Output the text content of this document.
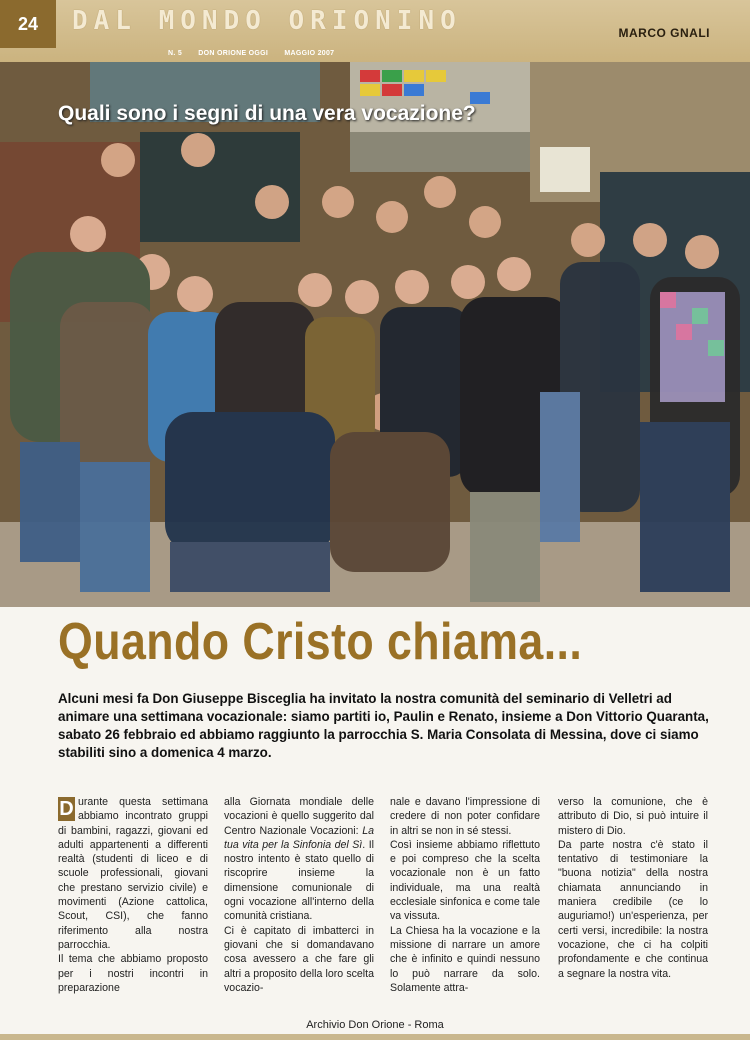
24	DAL MONDO ORIONINO	MARCO GNALI
N. 5 DON ORIONE OGGI MAGGIO 2007
Quali sono i segni di una vera vocazione?
Quando Cristo chiama...
Alcuni mesi fa Don Giuseppe Bisceglia ha invitato la nostra comunità del seminario di Velletri ad animare una settimana vocazionale: siamo partiti io, Paulin e Renato, insieme a Don Vittorio Quaranta, sabato 26 febbraio ed abbiamo raggiunto la parrocchia S. Maria Consolata di Messina, dove ci siamo stabiliti sino a domenica 4 marzo.

D urante questa settimana abbiamo incontrato gruppi di bambini, ragazzi, giovani ed adulti appartenenti a differenti realtà (studenti di liceo e di scuole professionali, giovani che prestano servizio civile) e movimenti (Azione cattolica, Scout, CSI), che fanno riferimento alla nostra parrocchia.

Il tema che abbiamo proposto per i nostri incontri in preparazione

alla Giornata mondiale delle vocazioni è quello suggerito dal Centro Nazionale Vocazioni: La tua vita per la Sinfonia del Sì. Il nostro intento è stato quello di riscoprire insieme la dimensione comunionale di ogni vocazione all'interno della comunità cristiana.

Ci è capitato di imbatterci in giovani che si domandavano cosa avessero a che fare gli altri a proposito della loro scelta vocazio-

nale e davano l'impressione di credere di non poter confidare in altri se non in sé stessi.

Così insieme abbiamo riflettuto e poi compreso che la scelta vocazionale non è un fatto individuale, ma una realtà ecclesiale sinfonica e come tale va vissuta.

La Chiesa ha la vocazione e la missione di narrare un amore che è infinito e quindi nessuno lo può narrare da solo. Solamente attra-

verso la comunione, che è attributo di Dio, si può intuire il mistero di Dio.

Da parte nostra c'è stato il tentativo di testimoniare la "buona notizia" della nostra chiamata annunciando in maniera credibile (ce lo auguriamo!) un'esperienza, per certi versi, incredibile: la nostra vocazione, che ci ha colpiti profondamente e che continua a segnare la nostra vita.

Archivio Don Orione - Roma
